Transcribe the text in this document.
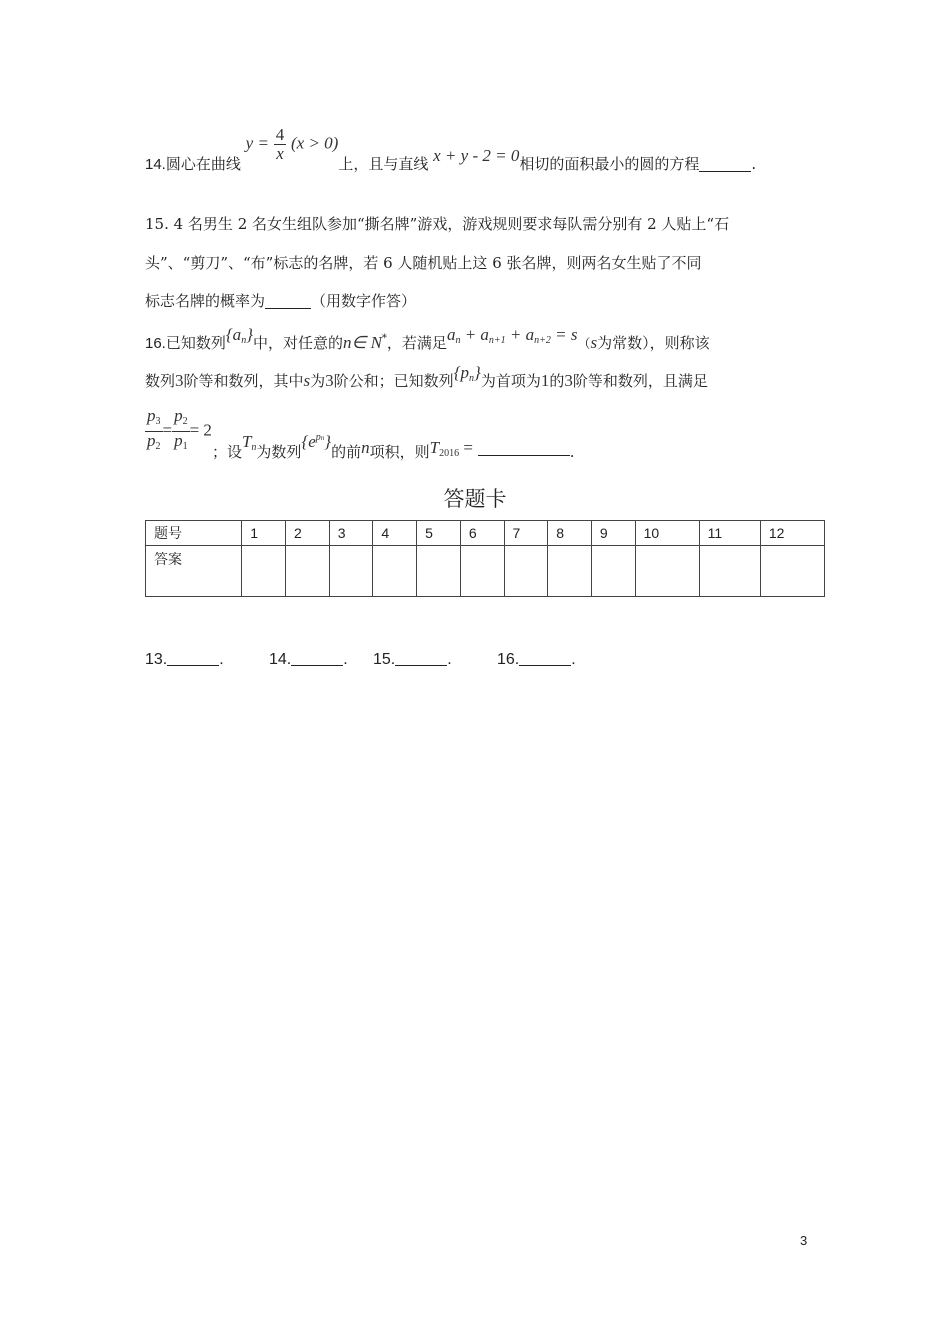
14.圆心在曲线 $y = \frac{4}{x} (x > 0)$上，且与直线 x + y - 2 = 0相切的面积最小的圆的方程	.
15. 4 名男生 2 名女生组队参加“撕名牌”游戏，游戏规则要求每队需分别有 2 人贴上“石
头”、“剪刀”、“布”标志的名牌，若 6 人随机贴上这 6 张名牌，则两名女生贴了不同
标志名牌的概率为	（用数字作答）
16.已知数列$\{a_n\}$中，对任意的n∈ N*，若满足$a_n + a_{n+1} + a_{n+2} = s(s$为常数），则称该
数列3阶等和数列，其中s为3阶公和；已知数列$\{p_n\}$为首项为1的3阶等和数列，且满足
$\frac{p_3}{p_2} = \frac{p_2}{p_1} = 2$；设$T_n$为数列$\{e^{pn}\}$的前n项积，则$T_{2016}$ =	.
答题卡
题号	1	2	3	4	5	6	7	8	9	10	11	12
答案												
13.	.	14.	. 15.	.	16.	.
3
